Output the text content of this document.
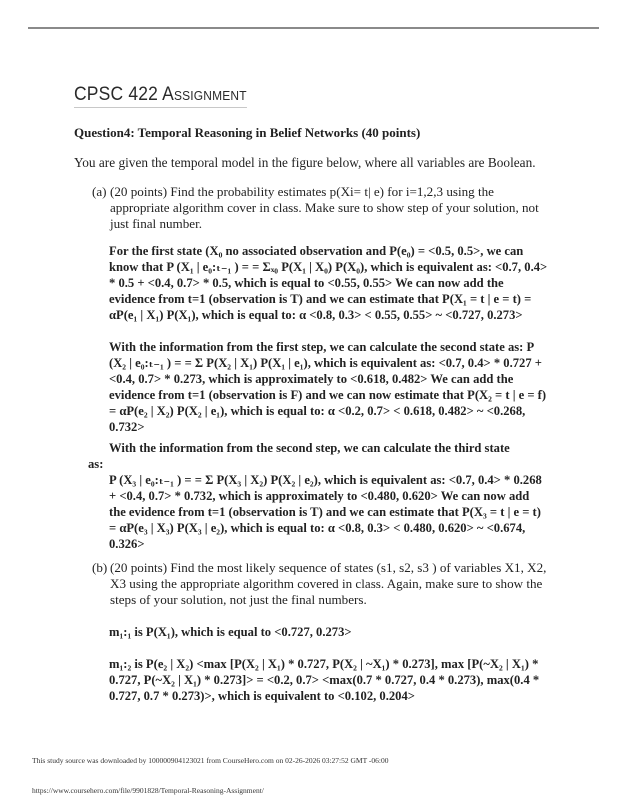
CPSC 422 Assignment
Question4: Temporal Reasoning in Belief Networks (40 points)
You are given the temporal model in the figure below, where all variables are Boolean.
(a) (20 points) Find the probability estimates p(Xi= t| e) for i=1,2,3 using the appropriate algorithm cover in class. Make sure to show step of your solution, not just final number.
For the first state (X₀ no associated observation and P(e₀) = <0.5, 0.5>, we can know that P (X₁ | e₀:ₜ₋₁ ) = = Σₓ₀ P(X₁ | X₀) P(X₀), which is equivalent as: <0.7, 0.4> * 0.5 + <0.4, 0.7> * 0.5, which is equal to <0.55, 0.55> We can now add the evidence from t=1 (observation is T) and we can estimate that P(X₁ = t | e = t) = αP(e₁ | X₁) P(X₁), which is equal to: α <0.8, 0.3> < 0.55, 0.55> ~ <0.727, 0.273>
With the information from the first step, we can calculate the second state as: P (X₂ | e₀:ₜ₋₁ ) = = Σ P(X₂ | X₁) P(X₁ | e₁), which is equivalent as: <0.7, 0.4> * 0.727 + <0.4, 0.7> * 0.273, which is approximately to <0.618, 0.482> We can add the evidence from t=1 (observation is F) and we can now estimate that P(X₂ = t | e = f) = αP(e₂ | X₂) P(X₂ | e₁), which is equal to: α <0.2, 0.7> < 0.618, 0.482> ~ <0.268, 0.732>
With the information from the second step, we can calculate the third state
as:
P (X₃ | e₀:ₜ₋₁ ) = = Σ P(X₃ | X₂) P(X₂ | e₂), which is equivalent as: <0.7, 0.4> * 0.268 + <0.4, 0.7> * 0.732, which is approximately to <0.480, 0.620> We can now add the evidence from t=1 (observation is T) and we can estimate that P(X₃ = t | e = t) = αP(e₃ | X₃) P(X₃ | e₂), which is equal to: α <0.8, 0.3> < 0.480, 0.620> ~ <0.674, 0.326>
(b) (20 points) Find the most likely sequence of states (s1, s2, s3 ) of variables X1, X2, X3 using the appropriate algorithm covered in class. Again, make sure to show the steps of your solution, not just the final numbers.
m₁:₁ is P(X₁), which is equal to <0.727, 0.273>
m₁:₂ is P(e₂ | X₂) <max [P(X₂ | X₁) * 0.727, P(X₂ | ~X₁) * 0.273], max [P(~X₂ | X₁) * 0.727, P(~X₂ | X₁) * 0.273]> = <0.2, 0.7> <max(0.7 * 0.727, 0.4 * 0.273), max(0.4 * 0.727, 0.7 * 0.273)>, which is equivalent to <0.102, 0.204>
This study source was downloaded by 100000904123021 from CourseHero.com on 02-26-2026 03:27:52 GMT -06:00
https://www.coursehero.com/file/9901828/Temporal-Reasoning-Assignment/
